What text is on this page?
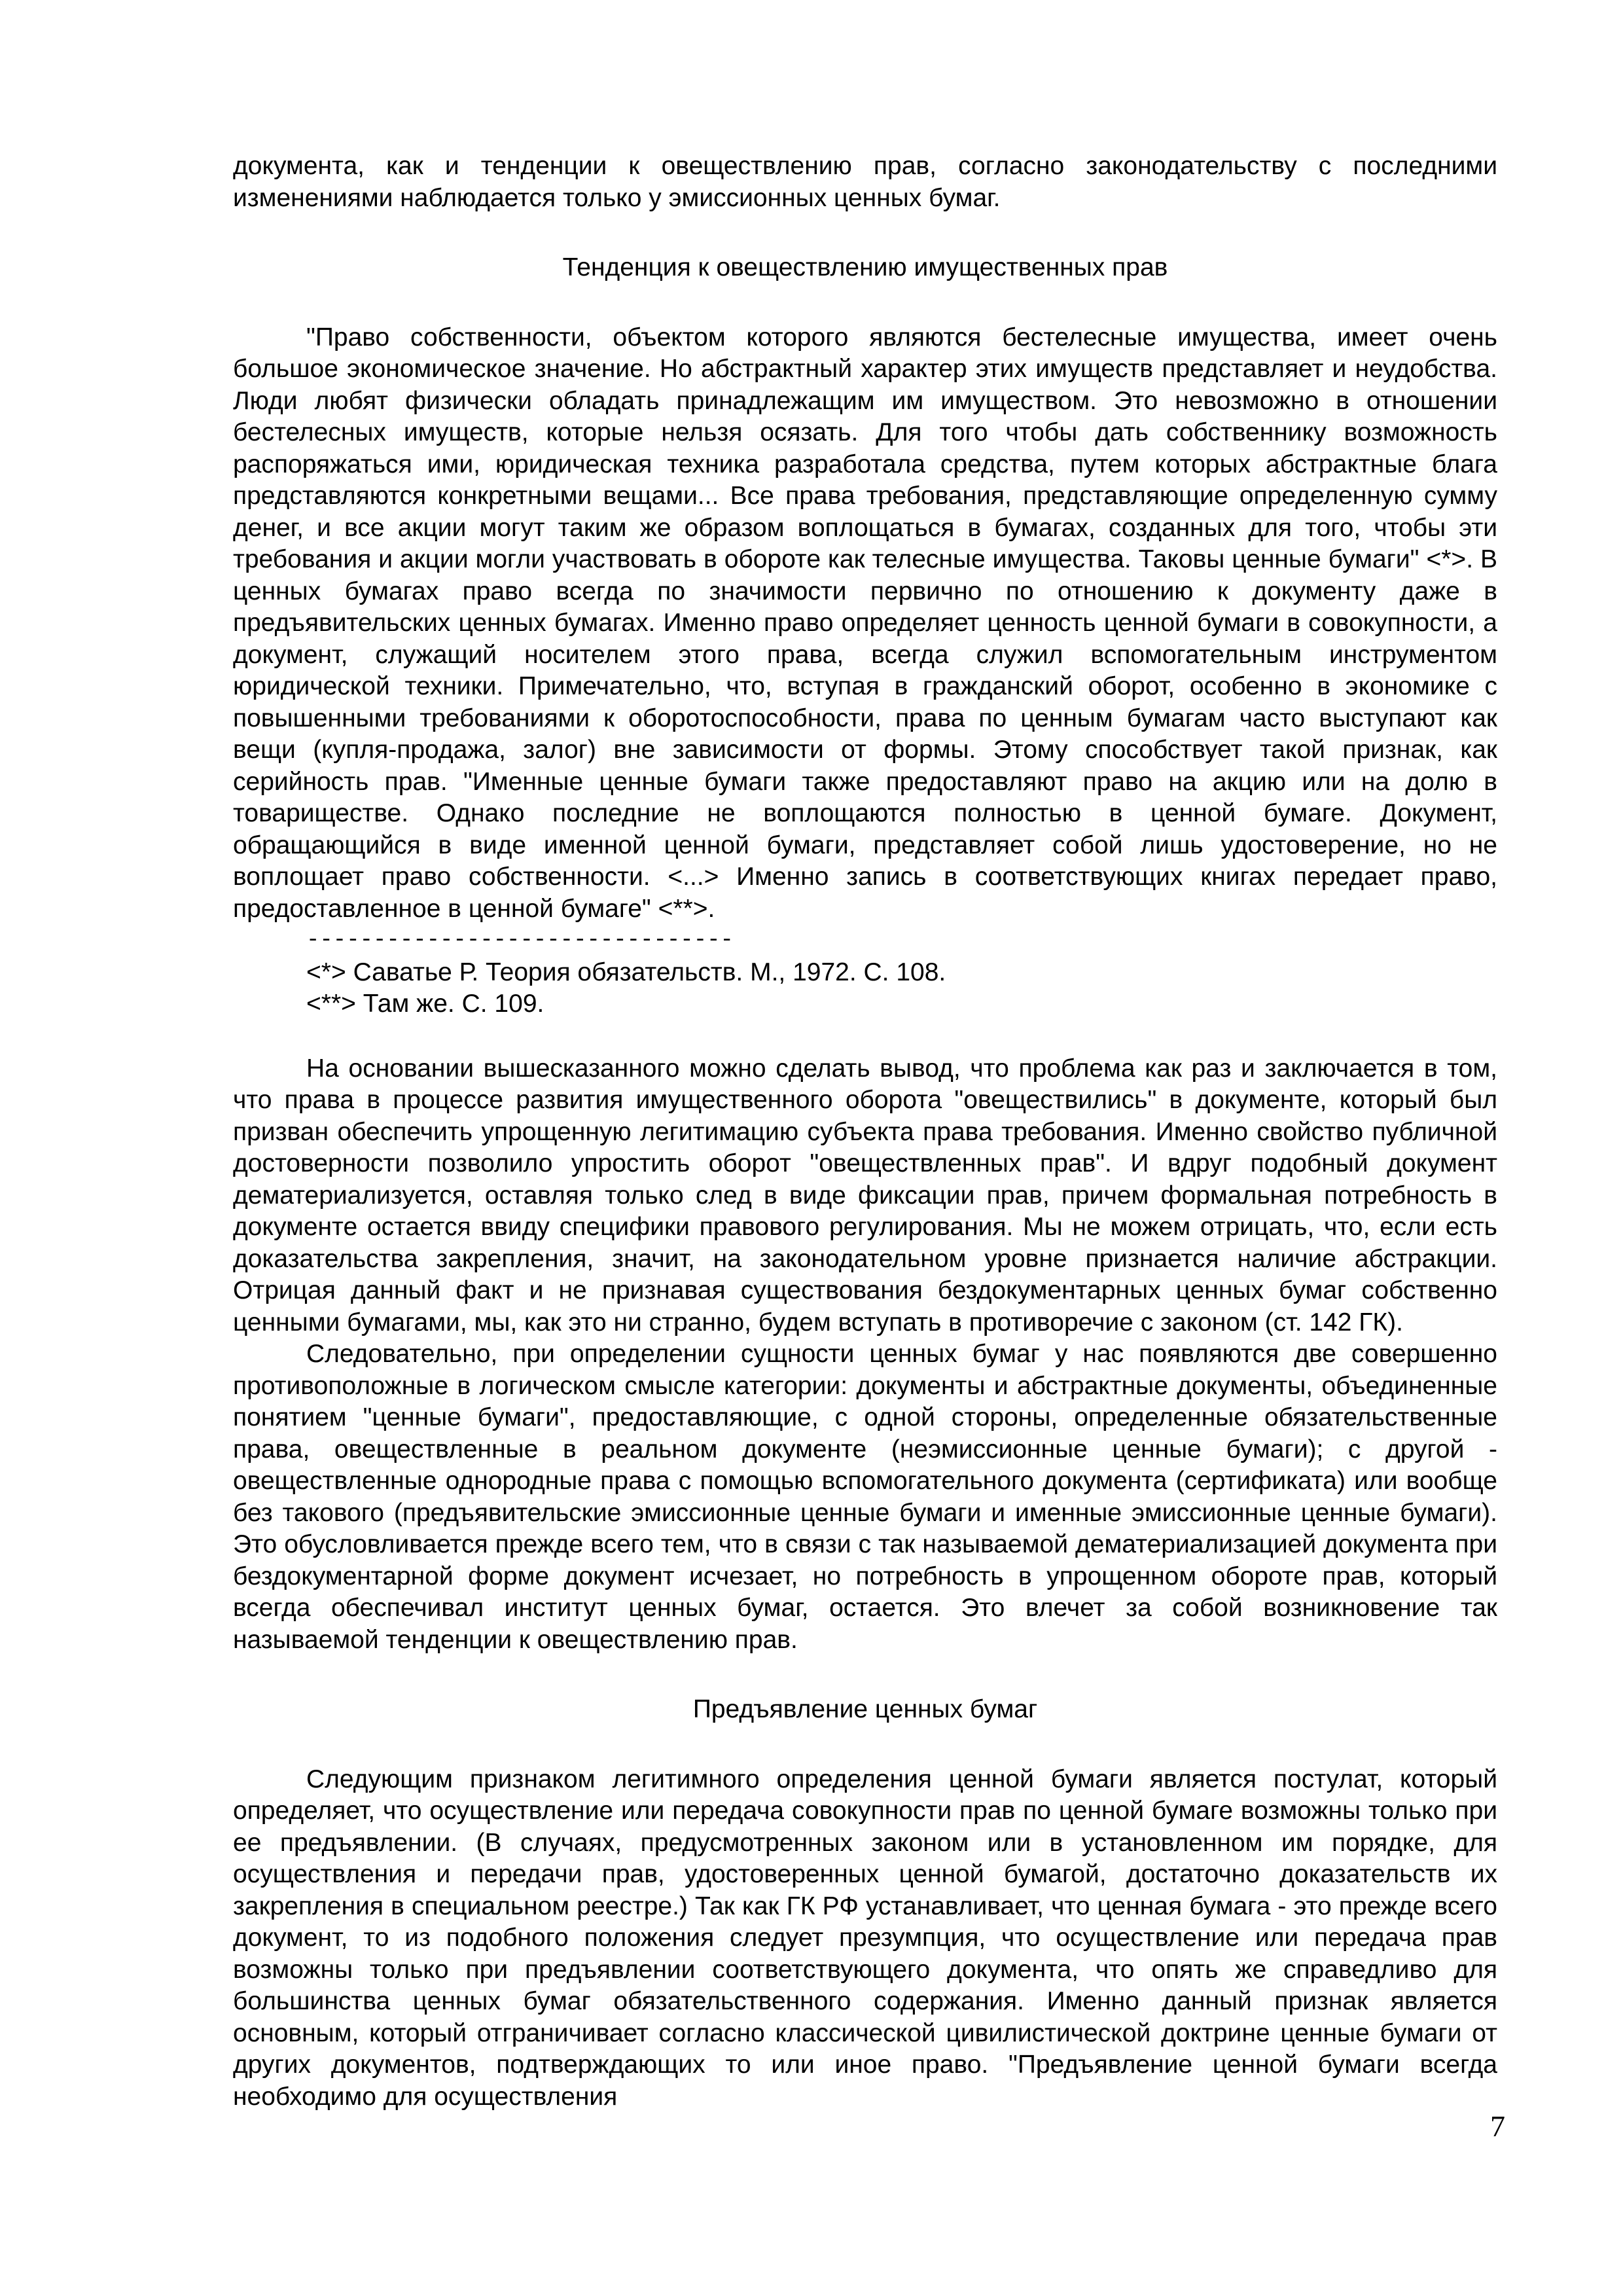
документа, как и тенденции к овеществлению прав, согласно законодательству с последними изменениями наблюдается только у эмиссионных ценных бумаг.

Тенденция к овеществлению имущественных прав

"Право собственности, объектом которого являются бестелесные имущества, имеет очень большое экономическое значение. Но абстрактный характер этих имуществ представляет и неудобства. Люди любят физически обладать принадлежащим им имуществом. Это невозможно в отношении бестелесных имуществ, которые нельзя осязать. Для того чтобы дать собственнику возможность распоряжаться ими, юридическая техника разработала средства, путем которых абстрактные блага представляются конкретными вещами... Все права требования, представляющие определенную сумму денег, и все акции могут таким же образом воплощаться в бумагах, созданных для того, чтобы эти требования и акции могли участвовать в обороте как телесные имущества. Таковы ценные бумаги" <*>. В ценных бумагах право всегда по значимости первично по отношению к документу даже в предъявительских ценных бумагах. Именно право определяет ценность ценной бумаги в совокупности, а документ, служащий носителем этого права, всегда служил вспомогательным инструментом юридической техники. Примечательно, что, вступая в гражданский оборот, особенно в экономике с повышенными требованиями к оборотоспособности, права по ценным бумагам часто выступают как вещи (купля-продажа, залог) вне зависимости от формы. Этому способствует такой признак, как серийность прав. "Именные ценные бумаги также предоставляют право на акцию или на долю в товариществе. Однако последние не воплощаются полностью в ценной бумаге. Документ, обращающийся в виде именной ценной бумаги, представляет собой лишь удостоверение, но не воплощает право собственности. <...> Именно запись в соответствующих книгах передает право, предоставленное в ценной бумаге" <**>.

--------------------------------

<*> Саватье Р. Теория обязательств. М., 1972. С. 108.

<**> Там же. С. 109.

На основании вышесказанного можно сделать вывод, что проблема как раз и заключается в том, что права в процессе развития имущественного оборота "овеществились" в документе, который был призван обеспечить упрощенную легитимацию субъекта права требования. Именно свойство публичной достоверности позволило упростить оборот "овеществленных прав". И вдруг подобный документ дематериализуется, оставляя только след в виде фиксации прав, причем формальная потребность в документе остается ввиду специфики правового регулирования. Мы не можем отрицать, что, если есть доказательства закрепления, значит, на законодательном уровне признается наличие абстракции. Отрицая данный факт и не признавая существования бездокументарных ценных бумаг собственно ценными бумагами, мы, как это ни странно, будем вступать в противоречие с законом (ст. 142 ГК).

Следовательно, при определении сущности ценных бумаг у нас появляются две совершенно противоположные в логическом смысле категории: документы и абстрактные документы, объединенные понятием "ценные бумаги", предоставляющие, с одной стороны, определенные обязательственные права, овеществленные в реальном документе (неэмиссионные ценные бумаги); с другой - овеществленные однородные права с помощью вспомогательного документа (сертификата) или вообще без такового (предъявительские эмиссионные ценные бумаги и именные эмиссионные ценные бумаги). Это обусловливается прежде всего тем, что в связи с так называемой дематериализацией документа при бездокументарной форме документ исчезает, но потребность в упрощенном обороте прав, который всегда обеспечивал институт ценных бумаг, остается. Это влечет за собой возникновение так называемой тенденции к овеществлению прав.

Предъявление ценных бумаг

Следующим признаком легитимного определения ценной бумаги является постулат, который определяет, что осуществление или передача совокупности прав по ценной бумаге возможны только при ее предъявлении. (В случаях, предусмотренных законом или в установленном им порядке, для осуществления и передачи прав, удостоверенных ценной бумагой, достаточно доказательств их закрепления в специальном реестре.) Так как ГК РФ устанавливает, что ценная бумага - это прежде всего документ, то из подобного положения следует презумпция, что осуществление или передача прав возможны только при предъявлении соответствующего документа, что опять же справедливо для большинства ценных бумаг обязательственного содержания. Именно данный признак является основным, который отграничивает согласно классической цивилистической доктрине ценные бумаги от других документов, подтверждающих то или иное право. "Предъявление ценной бумаги всегда необходимо для осуществления

7
